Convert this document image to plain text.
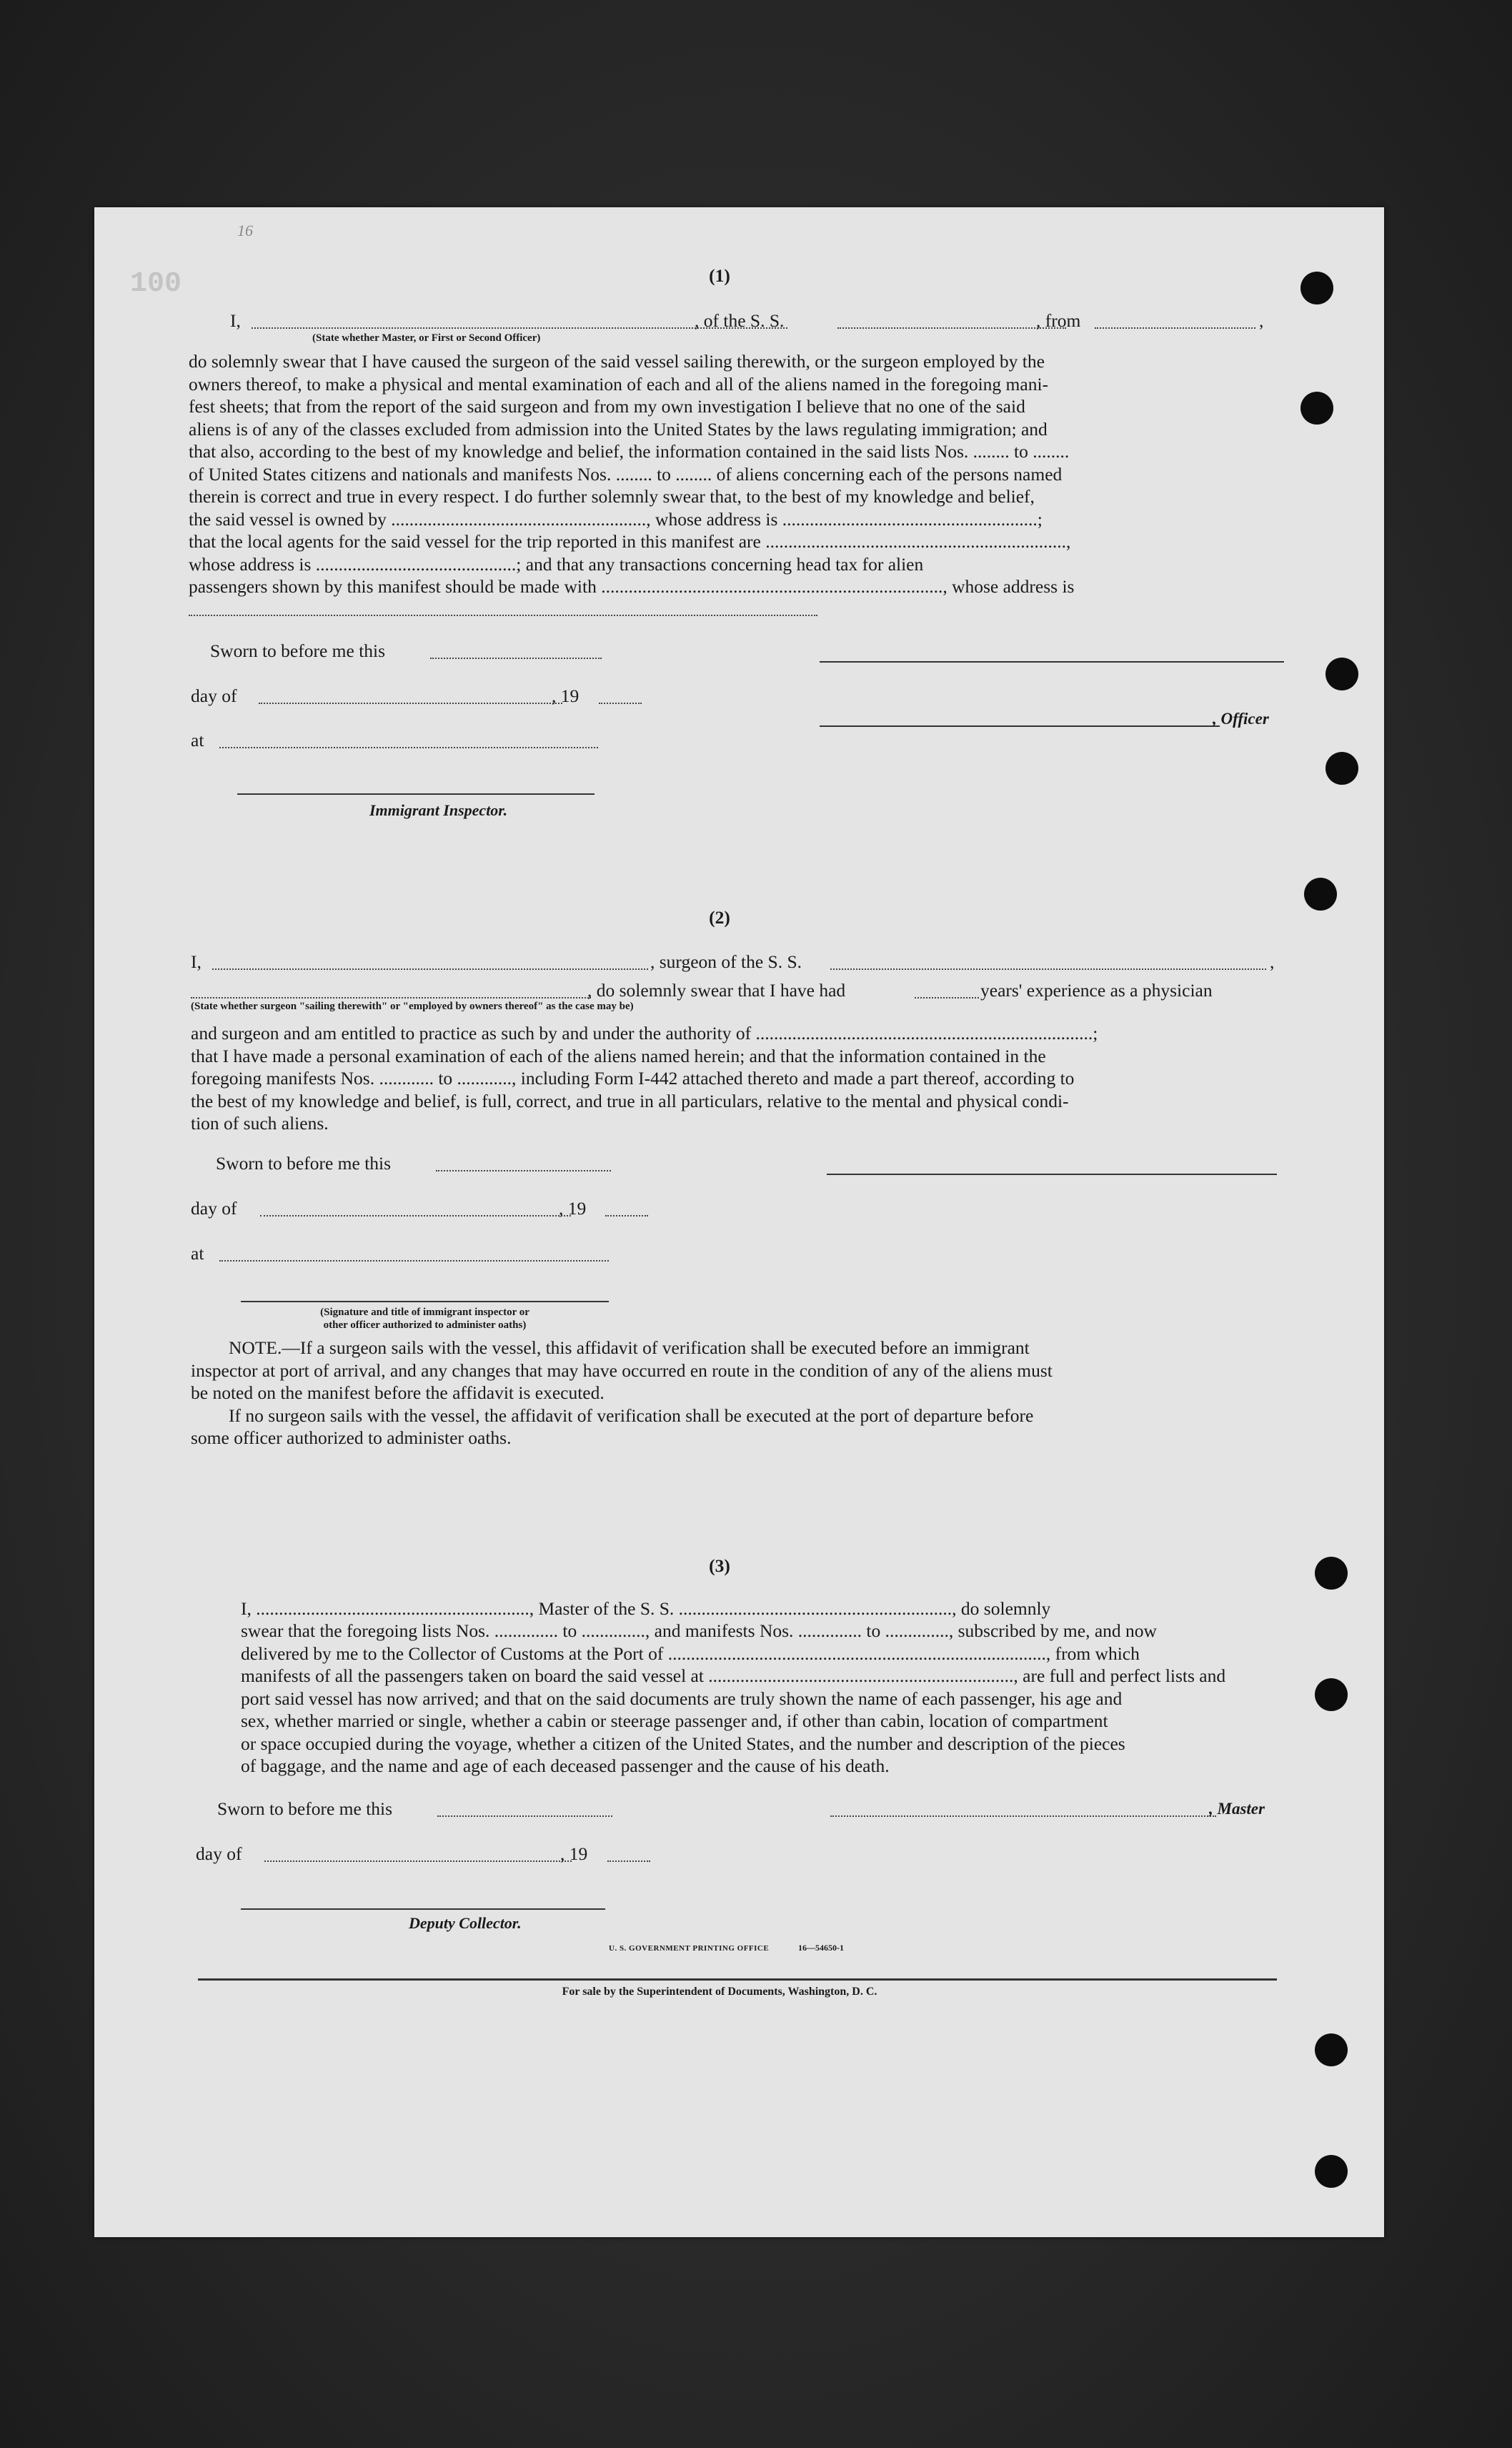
100
16
(1)
I,	, of the S. S.	, from	,
(State whether Master, or First or Second Officer)
do solemnly swear that I have caused the surgeon of the said vessel sailing therewith, or the surgeon employed by the
owners thereof, to make a physical and mental examination of each and all of the aliens named in the foregoing mani-
fest sheets; that from the report of the said surgeon and from my own investigation I believe that no one of the said
aliens is of any of the classes excluded from admission into the United States by the laws regulating immigration; and
that also, according to the best of my knowledge and belief, the information contained in the said lists Nos. ........ to ........
of United States citizens and nationals and manifests Nos. ........ to ........ of aliens concerning each of the persons named
therein is correct and true in every respect. I do further solemnly swear that, to the best of my knowledge and belief,
the said vessel is owned by ........................................................, whose address is ........................................................;
that the local agents for the said vessel for the trip reported in this manifest are ..................................................................,
whose address is ............................................; and that any transactions concerning head tax for alien
passengers shown by this manifest should be made with ..........................................................................., whose address is
Sworn to before me this
day of	, 19
at
Immigrant Inspector.
, Officer
(2)
I,	, surgeon of the S. S.	,
, do solemnly swear that I have had	years' experience as a physician
(State whether surgeon "sailing therewith" or "employed by owners thereof" as the case may be)
and surgeon and am entitled to practice as such by and under the authority of ..........................................................................;
that I have made a personal examination of each of the aliens named herein; and that the information contained in the
foregoing manifests Nos. ............ to ............, including Form I-442 attached thereto and made a part thereof, according to
the best of my knowledge and belief, is full, correct, and true in all particulars, relative to the mental and physical condi-
tion of such aliens.
Sworn to before me this
day of	, 19
at
(Signature and title of immigrant inspector or
other officer authorized to administer oaths)
NOTE.—If a surgeon sails with the vessel, this affidavit of verification shall be executed before an immigrant
inspector at port of arrival, and any changes that may have occurred en route in the condition of any of the aliens must
be noted on the manifest before the affidavit is executed.
If no surgeon sails with the vessel, the affidavit of verification shall be executed at the port of departure before
some officer authorized to administer oaths.
(3)
I, ............................................................, Master of the S. S. ............................................................, do solemnly
swear that the foregoing lists Nos. .............. to .............., and manifests Nos. .............. to .............., subscribed by me, and now
delivered by me to the Collector of Customs at the Port of ..................................................................................., from which
manifests of all the passengers taken on board the said vessel at ..................................................................., are full and perfect lists and
port said vessel has now arrived; and that on the said documents are truly shown the name of each passenger, his age and
sex, whether married or single, whether a cabin or steerage passenger and, if other than cabin, location of compartment
or space occupied during the voyage, whether a citizen of the United States, and the number and description of the pieces
of baggage, and the name and age of each deceased passenger and the cause of his death.
Sworn to before me this
day of	, 19
Deputy Collector.
, Master
U. S. GOVERNMENT PRINTING OFFICE	16—54650-1
For sale by the Superintendent of Documents, Washington, D. C.
